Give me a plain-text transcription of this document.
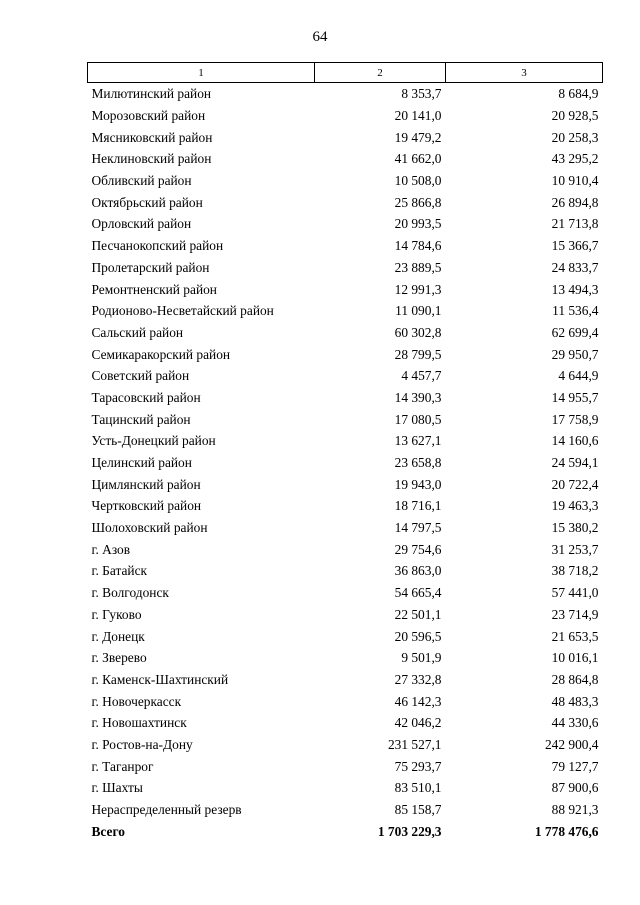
64
1	2	3
Милютинский район	8 353,7	8 684,9
Морозовский район	20 141,0	20 928,5
Мясниковский район	19 479,2	20 258,3
Неклиновский район	41 662,0	43 295,2
Обливский район	10 508,0	10 910,4
Октябрьский район	25 866,8	26 894,8
Орловский район	20 993,5	21 713,8
Песчанокопский район	14 784,6	15 366,7
Пролетарский район	23 889,5	24 833,7
Ремонтненский район	12 991,3	13 494,3
Родионово-Несветайский район	11 090,1	11 536,4
Сальский район	60 302,8	62 699,4
Семикаракорский район	28 799,5	29 950,7
Советский район	4 457,7	4 644,9
Тарасовский район	14 390,3	14 955,7
Тацинский район	17 080,5	17 758,9
Усть-Донецкий район	13 627,1	14 160,6
Целинский район	23 658,8	24 594,1
Цимлянский район	19 943,0	20 722,4
Чертковский район	18 716,1	19 463,3
Шолоховский район	14 797,5	15 380,2
г. Азов	29 754,6	31 253,7
г. Батайск	36 863,0	38 718,2
г. Волгодонск	54 665,4	57 441,0
г. Гуково	22 501,1	23 714,9
г. Донецк	20 596,5	21 653,5
г. Зверево	9 501,9	10 016,1
г. Каменск-Шахтинский	27 332,8	28 864,8
г. Новочеркасск	46 142,3	48 483,3
г. Новошахтинск	42 046,2	44 330,6
г. Ростов-на-Дону	231 527,1	242 900,4
г. Таганрог	75 293,7	79 127,7
г. Шахты	83 510,1	87 900,6
Нераспределенный резерв	85 158,7	88 921,3
Всего	1 703 229,3	1 778 476,6
